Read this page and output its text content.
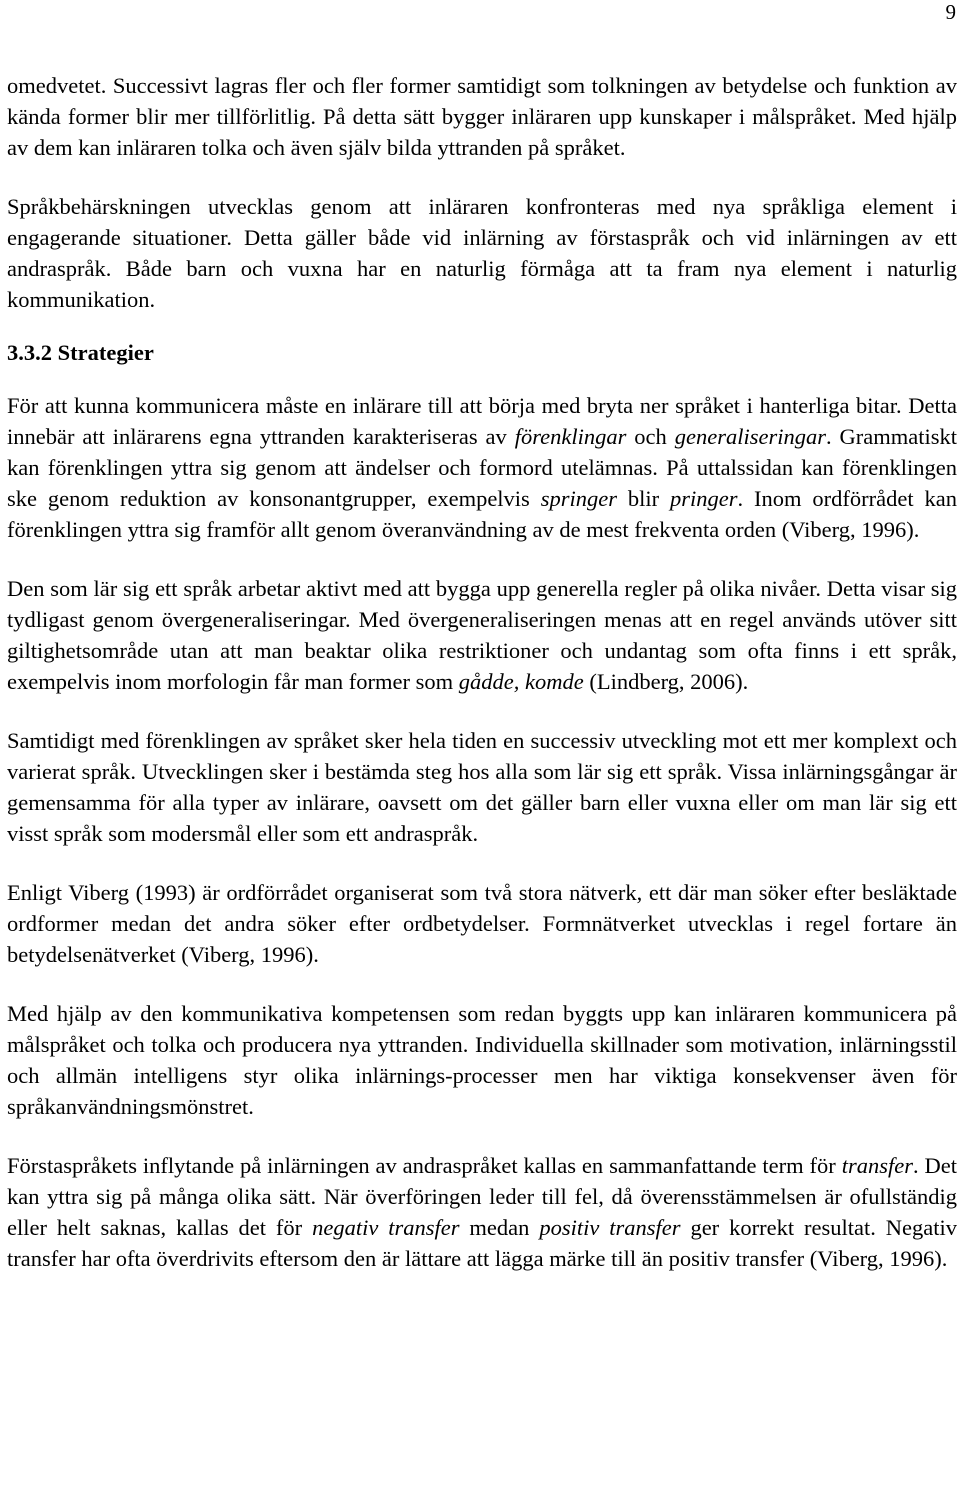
9

omedvetet. Successivt lagras fler och fler former samtidigt som tolkningen av betydelse och funktion av kända former blir mer tillförlitlig. På detta sätt bygger inläraren upp kunskaper i målspråket. Med hjälp av dem kan inläraren tolka och även själv bilda yttranden på språket.

Språkbehärskningen utvecklas genom att inläraren konfronteras med nya språkliga element i engagerande situationer. Detta gäller både vid inlärning av förstaspråk och vid inlärningen av ett andraspråk. Både barn och vuxna har en naturlig förmåga att ta fram nya element i naturlig kommunikation.

3.3.2 Strategier

För att kunna kommunicera måste en inlärare till att börja med bryta ner språket i hanterliga bitar. Detta innebär att inlärarens egna yttranden karakteriseras av förenklingar och generaliseringar. Grammatiskt kan förenklingen yttra sig genom att ändelser och formord utelämnas. På uttalssidan kan förenklingen ske genom reduktion av konsonantgrupper, exempelvis springer blir pringer. Inom ordförrådet kan förenklingen yttra sig framför allt genom överanvändning av de mest frekventa orden (Viberg, 1996).

Den som lär sig ett språk arbetar aktivt med att bygga upp generella regler på olika nivåer. Detta visar sig tydligast genom övergeneraliseringar. Med övergeneraliseringen menas att en regel används utöver sitt giltighetsområde utan att man beaktar olika restriktioner och undantag som ofta finns i ett språk, exempelvis inom morfologin får man former som gådde, komde (Lindberg, 2006).

Samtidigt med förenklingen av språket sker hela tiden en successiv utveckling mot ett mer komplext och varierat språk. Utvecklingen sker i bestämda steg hos alla som lär sig ett språk. Vissa inlärningsgångar är gemensamma för alla typer av inlärare, oavsett om det gäller barn eller vuxna eller om man lär sig ett visst språk som modersmål eller som ett andraspråk.

Enligt Viberg (1993) är ordförrådet organiserat som två stora nätverk, ett där man söker efter besläktade ordformer medan det andra söker efter ordbetydelser. Formnätverket utvecklas i regel fortare än betydelsenätverket (Viberg, 1996).

Med hjälp av den kommunikativa kompetensen som redan byggts upp kan inläraren kommunicera på målspråket och tolka och producera nya yttranden. Individuella skillnader som motivation, inlärningsstil och allmän intelligens styr olika inlärnings-processer men har viktiga konsekvenser även för språkanvändningsmönstret.

Förstaspråkets inflytande på inlärningen av andraspråket kallas en sammanfattande term för transfer. Det kan yttra sig på många olika sätt. När överföringen leder till fel, då överensstämmelsen är ofullständig eller helt saknas, kallas det för negativ transfer medan positiv transfer ger korrekt resultat. Negativ transfer har ofta överdrivits eftersom den är lättare att lägga märke till än positiv transfer (Viberg, 1996).
